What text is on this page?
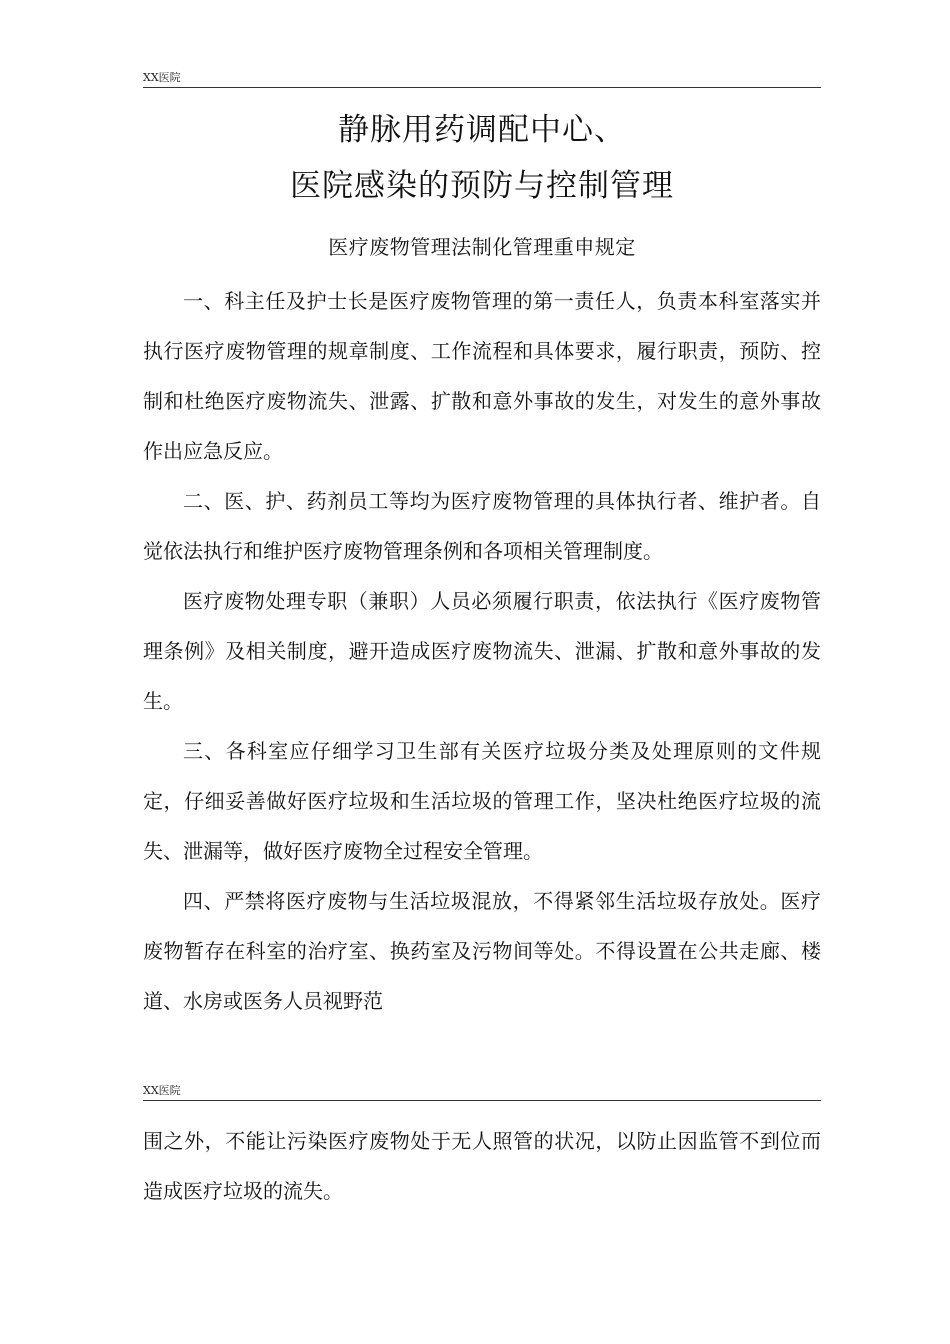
XX医院
静脉用药调配中心、
医院感染的预防与控制管理
医疗废物管理法制化管理重申规定

一、科主任及护士长是医疗废物管理的第一责任人，负责本科室落实并执行医疗废物管理的规章制度、工作流程和具体要求，履行职责，预防、控制和杜绝医疗废物流失、泄露、扩散和意外事故的发生，对发生的意外事故作出应急反应。

二、医、护、药剂员工等均为医疗废物管理的具体执行者、维护者。自觉依法执行和维护医疗废物管理条例和各项相关管理制度。

医疗废物处理专职（兼职）人员必须履行职责，依法执行《医疗废物管理条例》及相关制度，避开造成医疗废物流失、泄漏、扩散和意外事故的发生。

三、各科室应仔细学习卫生部有关医疗垃圾分类及处理原则的文件规定，仔细妥善做好医疗垃圾和生活垃圾的管理工作，坚决杜绝医疗垃圾的流失、泄漏等，做好医疗废物全过程安全管理。

四、严禁将医疗废物与生活垃圾混放，不得紧邻生活垃圾存放处。医疗废物暂存在科室的治疗室、换药室及污物间等处。不得设置在公共走廊、楼道、水房或医务人员视野范

XX医院

围之外，不能让污染医疗废物处于无人照管的状况，以防止因监管不到位而造成医疗垃圾的流失。
